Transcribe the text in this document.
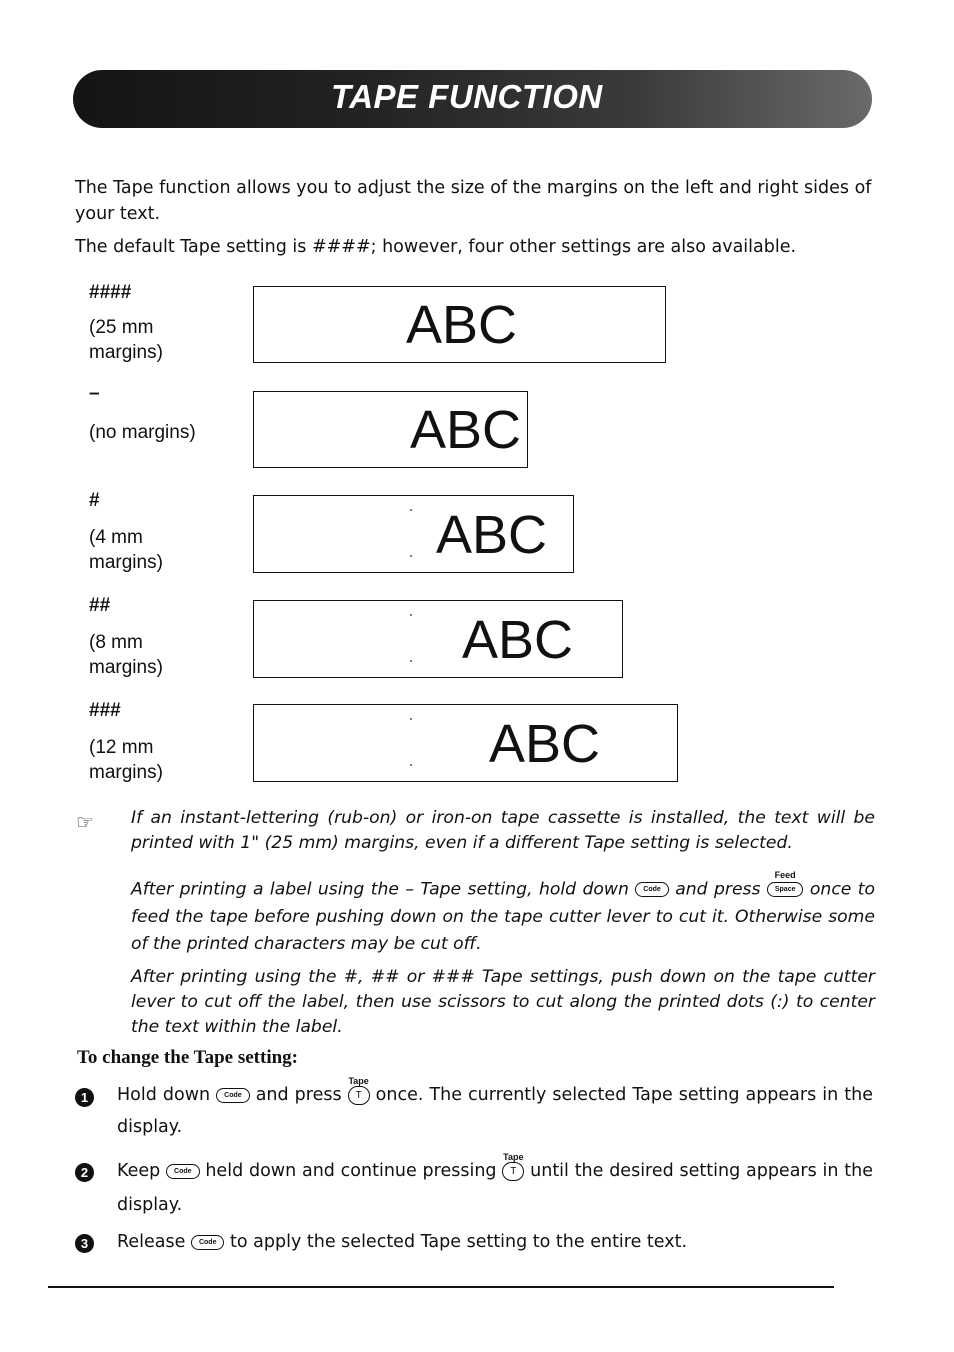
TAPE FUNCTION
The Tape function allows you to adjust the size of the margins on the left and right sides of your text.
The default Tape setting is ####; however, four other settings are also available.
####
(25 mm margins)	ABC
–
(no margins)	ABC
#
(4 mm margins)	ABC
##
(8 mm margins)	ABC
###
(12 mm margins)	ABC
☞ If an instant-lettering (rub-on) or iron-on tape cassette is installed, the text will be printed with 1" (25 mm) margins, even if a different Tape setting is selected.
After printing a label using the – Tape setting, hold down Code and press
Feed
Space once to feed the tape before pushing down on the tape cutter lever to cut it. Otherwise some of the printed characters may be cut off.
After printing using the #, ## or ### Tape settings, push down on the tape cutter lever to cut off the label, then use scissors to cut along the printed dots (:) to center the text within the label.
To change the Tape setting:
1	Hold down Code and press
Tape
T once. The currently selected Tape setting appears in the display.
2	Keep Code held down and continue pressing
Tape
T until the desired setting appears in the display.
3	Release Code to apply the selected Tape setting to the entire text.
